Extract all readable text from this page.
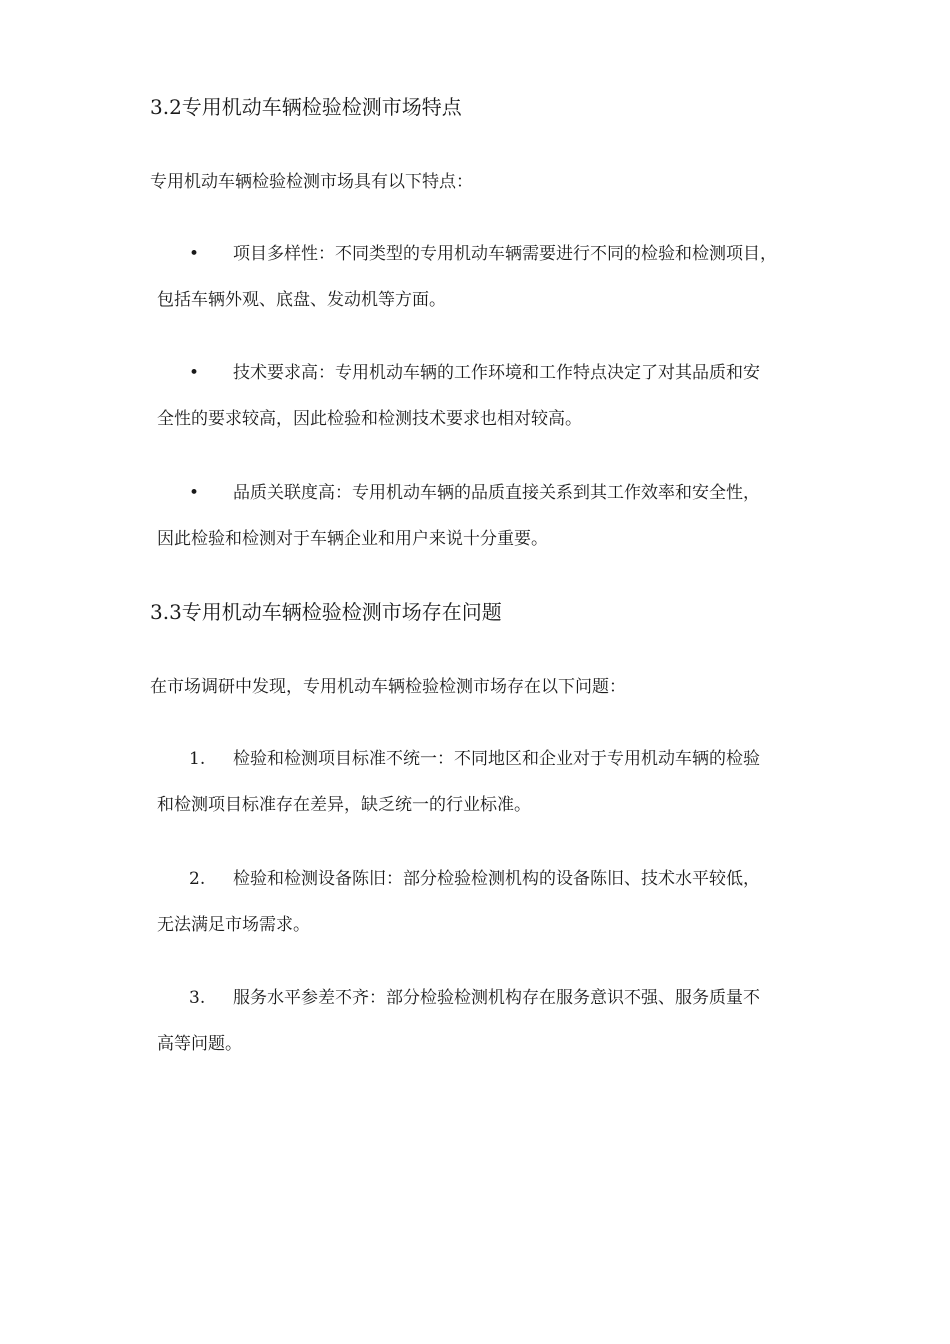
3.2专用机动车辆检验检测市场特点
专用机动车辆检验检测市场具有以下特点：
• 项目多样性：不同类型的专用机动车辆需要进行不同的检验和检测项目，
包括车辆外观、底盘、发动机等方面。
• 技术要求高：专用机动车辆的工作环境和工作特点决定了对其品质和安
全性的要求较高，因此检验和检测技术要求也相对较高。
• 品质关联度高：专用机动车辆的品质直接关系到其工作效率和安全性，
因此检验和检测对于车辆企业和用户来说十分重要。
3.3专用机动车辆检验检测市场存在问题
在市场调研中发现，专用机动车辆检验检测市场存在以下问题：
1. 检验和检测项目标准不统一：不同地区和企业对于专用机动车辆的检验
和检测项目标准存在差异，缺乏统一的行业标准。
2. 检验和检测设备陈旧：部分检验检测机构的设备陈旧、技术水平较低，
无法满足市场需求。
3. 服务水平参差不齐：部分检验检测机构存在服务意识不强、服务质量不
高等问题。
